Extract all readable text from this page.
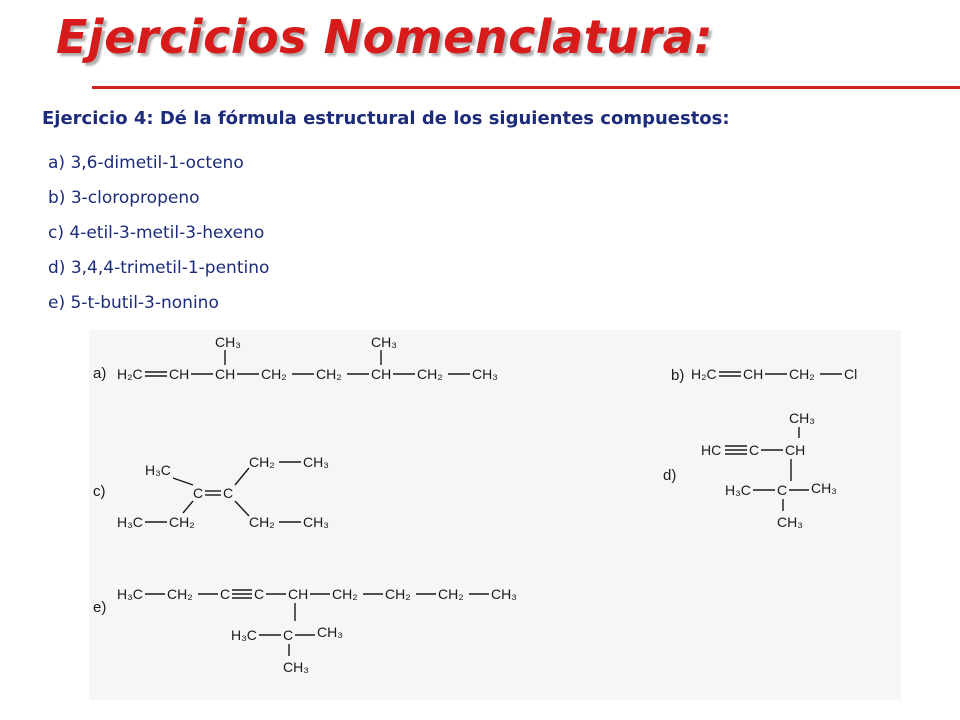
Ejercicios Nomenclatura:
Ejercicio 4: Dé la fórmula estructural de los siguientes compuestos:
a) 3,6-dimetil-1-octeno
b) 3-cloropropeno
c) 4-etil-3-metil-3-hexeno
d) 3,4,4-trimetil-1-pentino
e) 5-t-butil-3-nonino
a) H₂C CH CH CH₂ CH₂ CH CH₂ CH₃
CH₃	CH₃
b) H₂C CH CH₂ Cl
c)
H₃C
H₃C CH₂
C C
CH₂ CH₃
CH₂ CH₃
d)
CH₃
HC C CH
H₃C C CH₃
CH₃
e)
H₃C CH₂ C C CH CH₂ CH₂ CH₂ CH₃
H₃C C CH₃
CH₃
